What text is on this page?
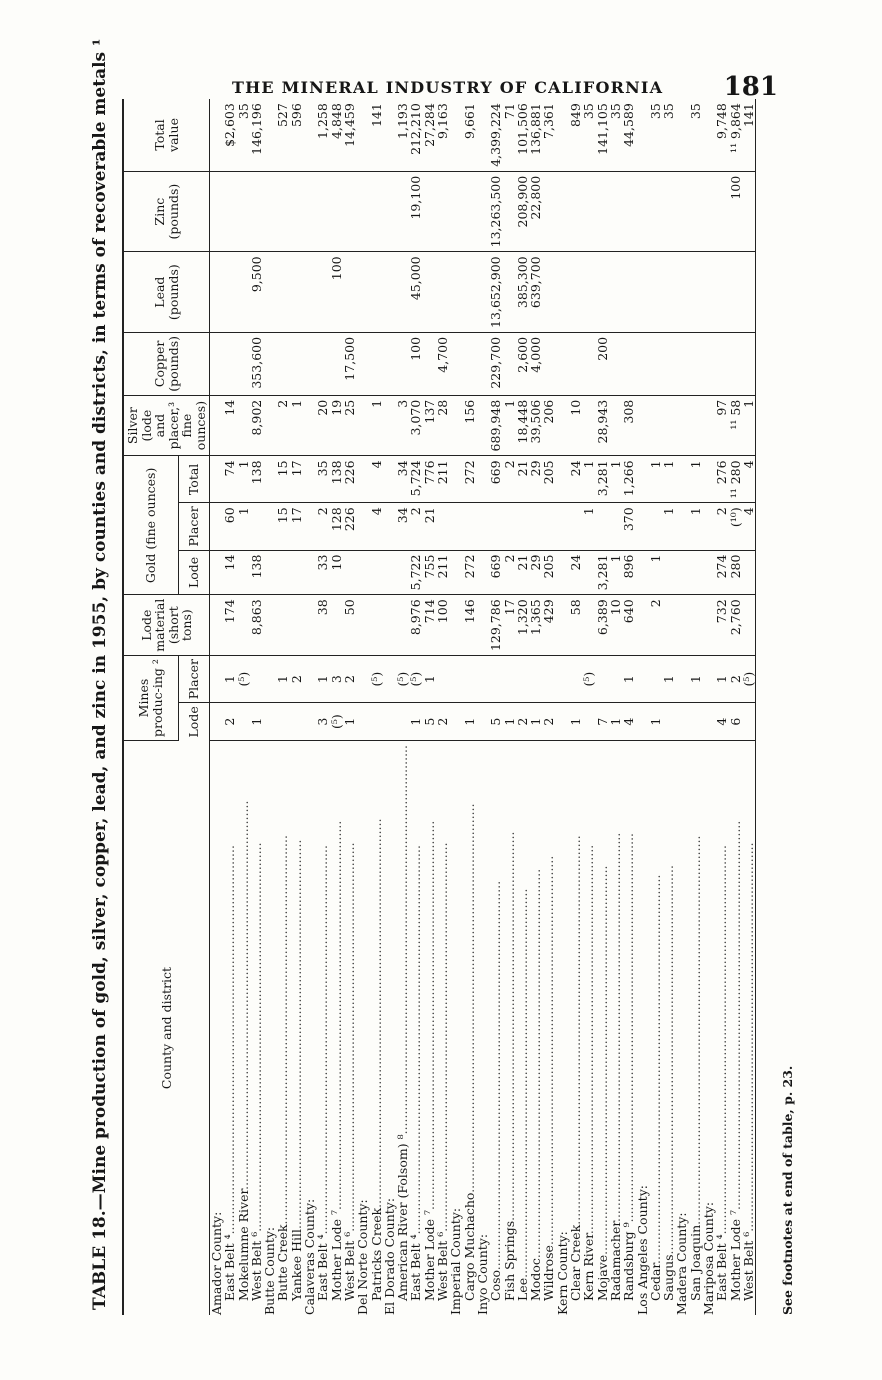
THE MINERAL INDUSTRY OF CALIFORNIA 181
TABLE 18.—Mine production of gold, silver, copper, lead, and zinc in 1955, by counties and districts, in terms of recoverable metals ¹	County and district	Mines produc-ing ²		Lode material (short tons)	Gold (fine ounces)			Silver (lode and placer,³ fine ounces)	Copper (pounds)	Lead (pounds)	Zinc (pounds)	Total value
	Lode	Placer		Lode	Placer	Total					
Amador County:											
East Belt ⁴..................................................................................................	2	1	174	14	60	74	14				$2,603
Mokelumne River..................................................................................................		(⁵)			1	1					35
West Belt ⁶..................................................................................................	1		8,863	138		138	8,902	353,600	9,500		146,196
Butte County:											
Butte Creek..................................................................................................		1			15	15	2				527
Yankee Hill..................................................................................................		2			17	17	1				596
Calaveras County:											
East Belt ⁴..................................................................................................	3	1	38	33	2	35	20				1,258
Mother Lode ⁷..................................................................................................	(⁵)	3		10	128	138	19		100		4,848
West Belt ⁶..................................................................................................	1	2	50		226	226	25	17,500			14,459
Del Norte County:											
Patricks Creek..................................................................................................		(⁵)			4	4	1				141
El Dorado County:											
American River (Folsom) ⁸..................................................................................................		(⁵)			34	34	3				1,193
East Belt ⁴..................................................................................................	1	(⁵)	8,976	5,722	2	5,724	3,070	100	45,000	19,100	212,210
Mother Lode ⁷..................................................................................................	5	1	714	755	21	776	137				27,284
West Belt ⁶..................................................................................................	2		100	211		211	28	4,700			9,163
Imperial County:											
Cargo Muchacho..................................................................................................	1		146	272		272	156				9,661
Inyo County:											
Coso..................................................................................................	5		129,786	669		669	689,948	229,700	13,652,900	13,263,500	4,399,224
Fish Springs..................................................................................................	1		17	2		2	1				71
Lee..................................................................................................	2		1,320	21		21	18,448	2,600	385,300	208,900	101,506
Modoc..................................................................................................	1		1,365	29		29	39,506	4,000	639,700	22,800	136,881
Wildrose..................................................................................................	2		429	205		205	206				7,361
Kern County:											
Clear Creek..................................................................................................	1		58	24		24	10				849
Kern River..................................................................................................		(⁵)			1	1					35
Mojave..................................................................................................	7		6,389	3,281		3,281	28,943	200			141,105
Radamacher..................................................................................................	1		10	1		1					35
Randsburg ⁹..................................................................................................	4	1	640	896	370	1,266	308				44,589
Los Angeles County:											
Cedar..................................................................................................	1		2	1		1					35
Saugus..................................................................................................		1			1	1					35
Madera County:											
San Joaquin..................................................................................................		1			1	1					35
Mariposa County:											
East Belt ⁴..................................................................................................	4	1	732	274	2	276	97				9,748
Mother Lode ⁷..................................................................................................	6	2	2,760	280	(¹⁰)	¹¹ 280	¹¹ 58			100	¹¹ 9,864
West Belt ⁶..................................................................................................		(⁵)			4	4	1				141
See footnotes at end of table, p. 23.
